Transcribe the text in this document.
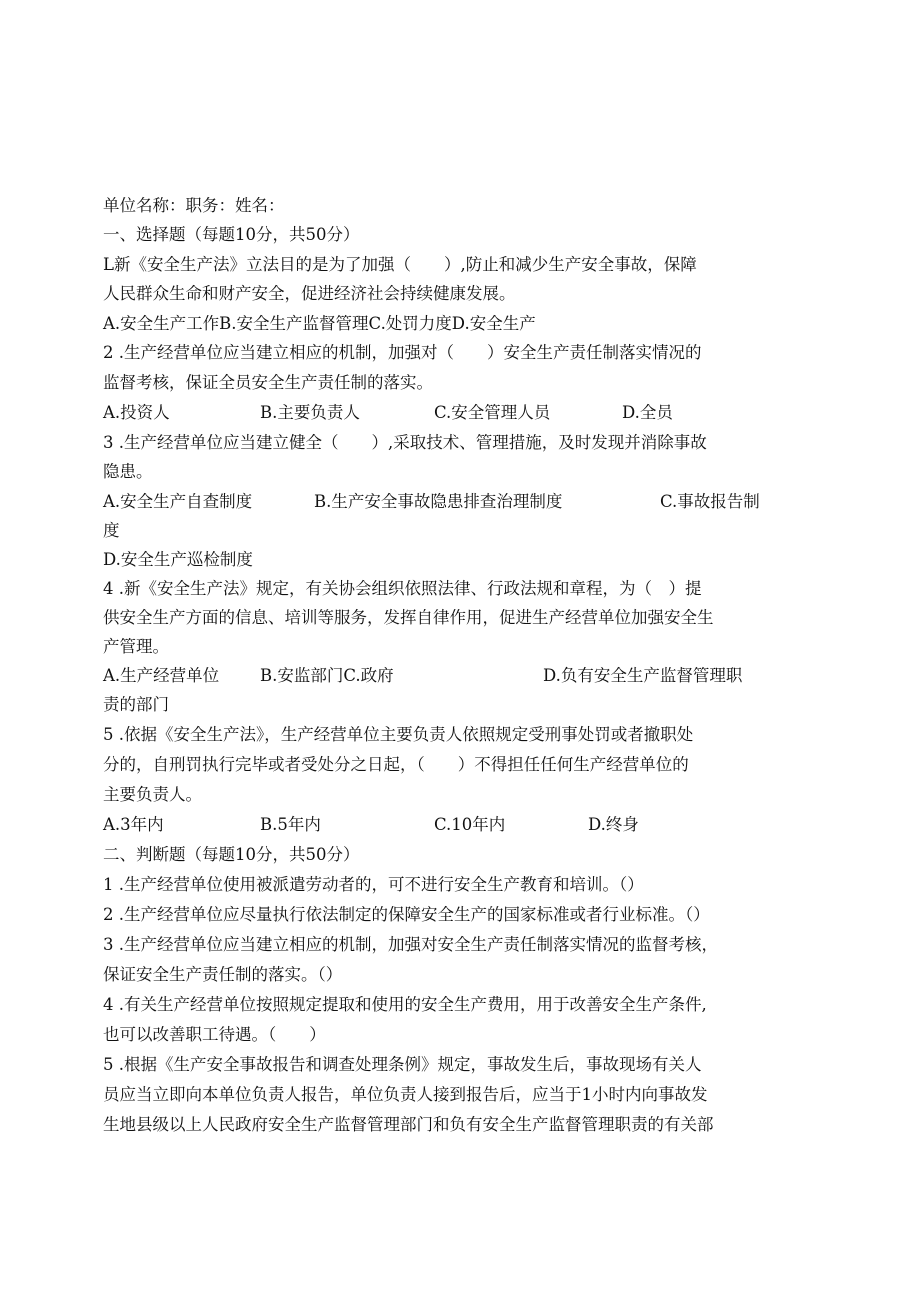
单位名称：职务：姓名：

一、选择题（每题10分，共50分）

L新《安全生产法》立法目的是为了加强（　　）,防止和减少生产安全事故，保障

人民群众生命和财产安全，促进经济社会持续健康发展。

A.安全生产工作B.安全生产监督管理C.处罚力度D.安全生产

2 .生产经营单位应当建立相应的机制，加强对（　　）安全生产责任制落实情况的

监督考核，保证全员安全生产责任制的落实。

A.投资人	B.主要负责人	C.安全管理人员	D.全员

3 .生产经营单位应当建立健全（　　）,采取技术、管理措施，及时发现并消除事故

隐患。

A.安全生产自查制度	B.生产安全事故隐患排查治理制度	C.事故报告制

度

D.安全生产巡检制度

4 .新《安全生产法》规定，有关协会组织依照法律、行政法规和章程，为（　）提

供安全生产方面的信息、培训等服务，发挥自律作用，促进生产经营单位加强安全生

产管理。

A.生产经营单位 B.安监部门C.政府	D.负有安全生产监督管理职

责的部门

5 .依据《安全生产法》，生产经营单位主要负责人依照规定受刑事处罚或者撤职处

分的，自刑罚执行完毕或者受处分之日起，（　　）不得担任任何生产经营单位的

主要负责人。

A.3年内	B.5年内	C.10年内	D.终身

二、判断题（每题10分，共50分）

1 .生产经营单位使用被派遣劳动者的，可不进行安全生产教育和培训。（）

2 .生产经营单位应尽量执行依法制定的保障安全生产的国家标准或者行业标准。（）

3 .生产经营单位应当建立相应的机制，加强对安全生产责任制落实情况的监督考核，

保证安全生产责任制的落实。（）

4 .有关生产经营单位按照规定提取和使用的安全生产费用，用于改善安全生产条件,

也可以改善职工待遇。（　　）

5 .根据《生产安全事故报告和调查处理条例》规定，事故发生后，事故现场有关人

员应当立即向本单位负责人报告，单位负责人接到报告后，应当于1小时内向事故发

生地县级以上人民政府安全生产监督管理部门和负有安全生产监督管理职责的有关部
